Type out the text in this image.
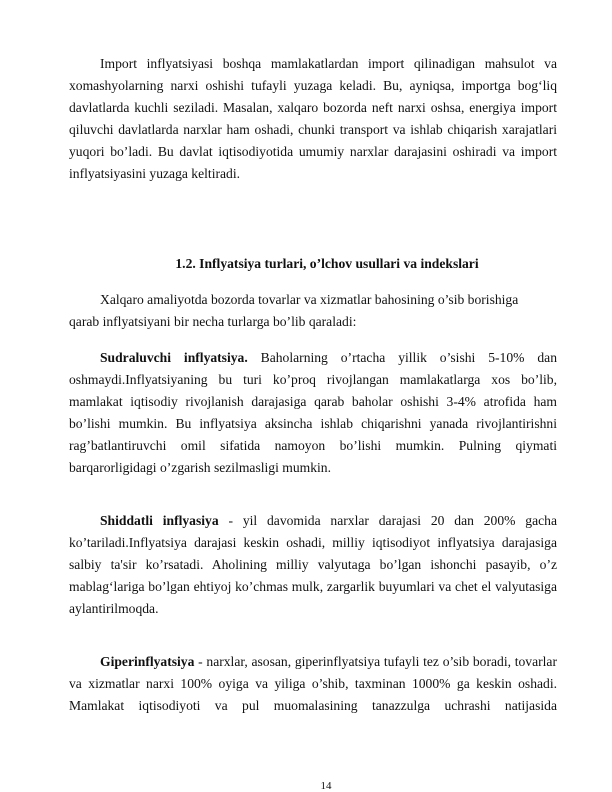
Import inflyatsiyasi boshqa mamlakatlardan import qilinadigan mahsulot va xomashyolarning narxi oshishi tufayli yuzaga keladi. Bu, ayniqsa, importga bog‘liq davlatlarda kuchli seziladi. Masalan, xalqaro bozorda neft narxi oshsa, energiya import qiluvchi davlatlarda narxlar ham oshadi, chunki transport va ishlab chiqarish xarajatlari yuqori bo’ladi. Bu davlat iqtisodiyotida umumiy narxlar darajasini oshiradi va import inflyatsiyasini yuzaga keltiradi.

1.2. Inflyatsiya turlari, o’lchov usullari va indekslari

Xalqaro amaliyotda bozorda tovarlar va xizmatlar bahosining o’sib borishiga

qarab inflyatsiyani bir necha turlarga bo’lib qaraladi:

Sudraluvchi inflyatsiya. Baholarning o’rtacha yillik o’sishi 5-10% dan oshmaydi.Inflyatsiyaning bu turi ko’proq rivojlangan mamlakatlarga xos bo’lib, mamlakat iqtisodiy rivojlanish darajasiga qarab baholar oshishi 3-4% atrofida ham bo’lishi mumkin. Bu inflyatsiya aksincha ishlab chiqarishni yanada rivojlantirishni rag’batlantiruvchi omil sifatida namoyon bo’lishi mumkin. Pulning qiymati barqarorligidagi o’zgarish sezilmasligi mumkin.

Shiddatli inflyasiya - yil davomida narxlar darajasi 20 dan 200% gacha ko’tariladi.Inflyatsiya darajasi keskin oshadi, milliy iqtisodiyot inflyatsiya darajasiga salbiy ta'sir ko’rsatadi. Aholining milliy valyutaga bo’lgan ishonchi pasayib, o’z mablag‘lariga bo’lgan ehtiyoj ko’chmas mulk, zargarlik buyumlari va chet el valyutasiga aylantirilmoqda.

Giperinflyatsiya - narxlar, asosan, giperinflyatsiya tufayli tez o’sib boradi, tovarlar va xizmatlar narxi 100% oyiga va yiliga o’shib, taxminan 1000% ga keskin oshadi. Mamlakat iqtisodiyoti va pul muomalasining tanazzulga uchrashi natijasida

14
